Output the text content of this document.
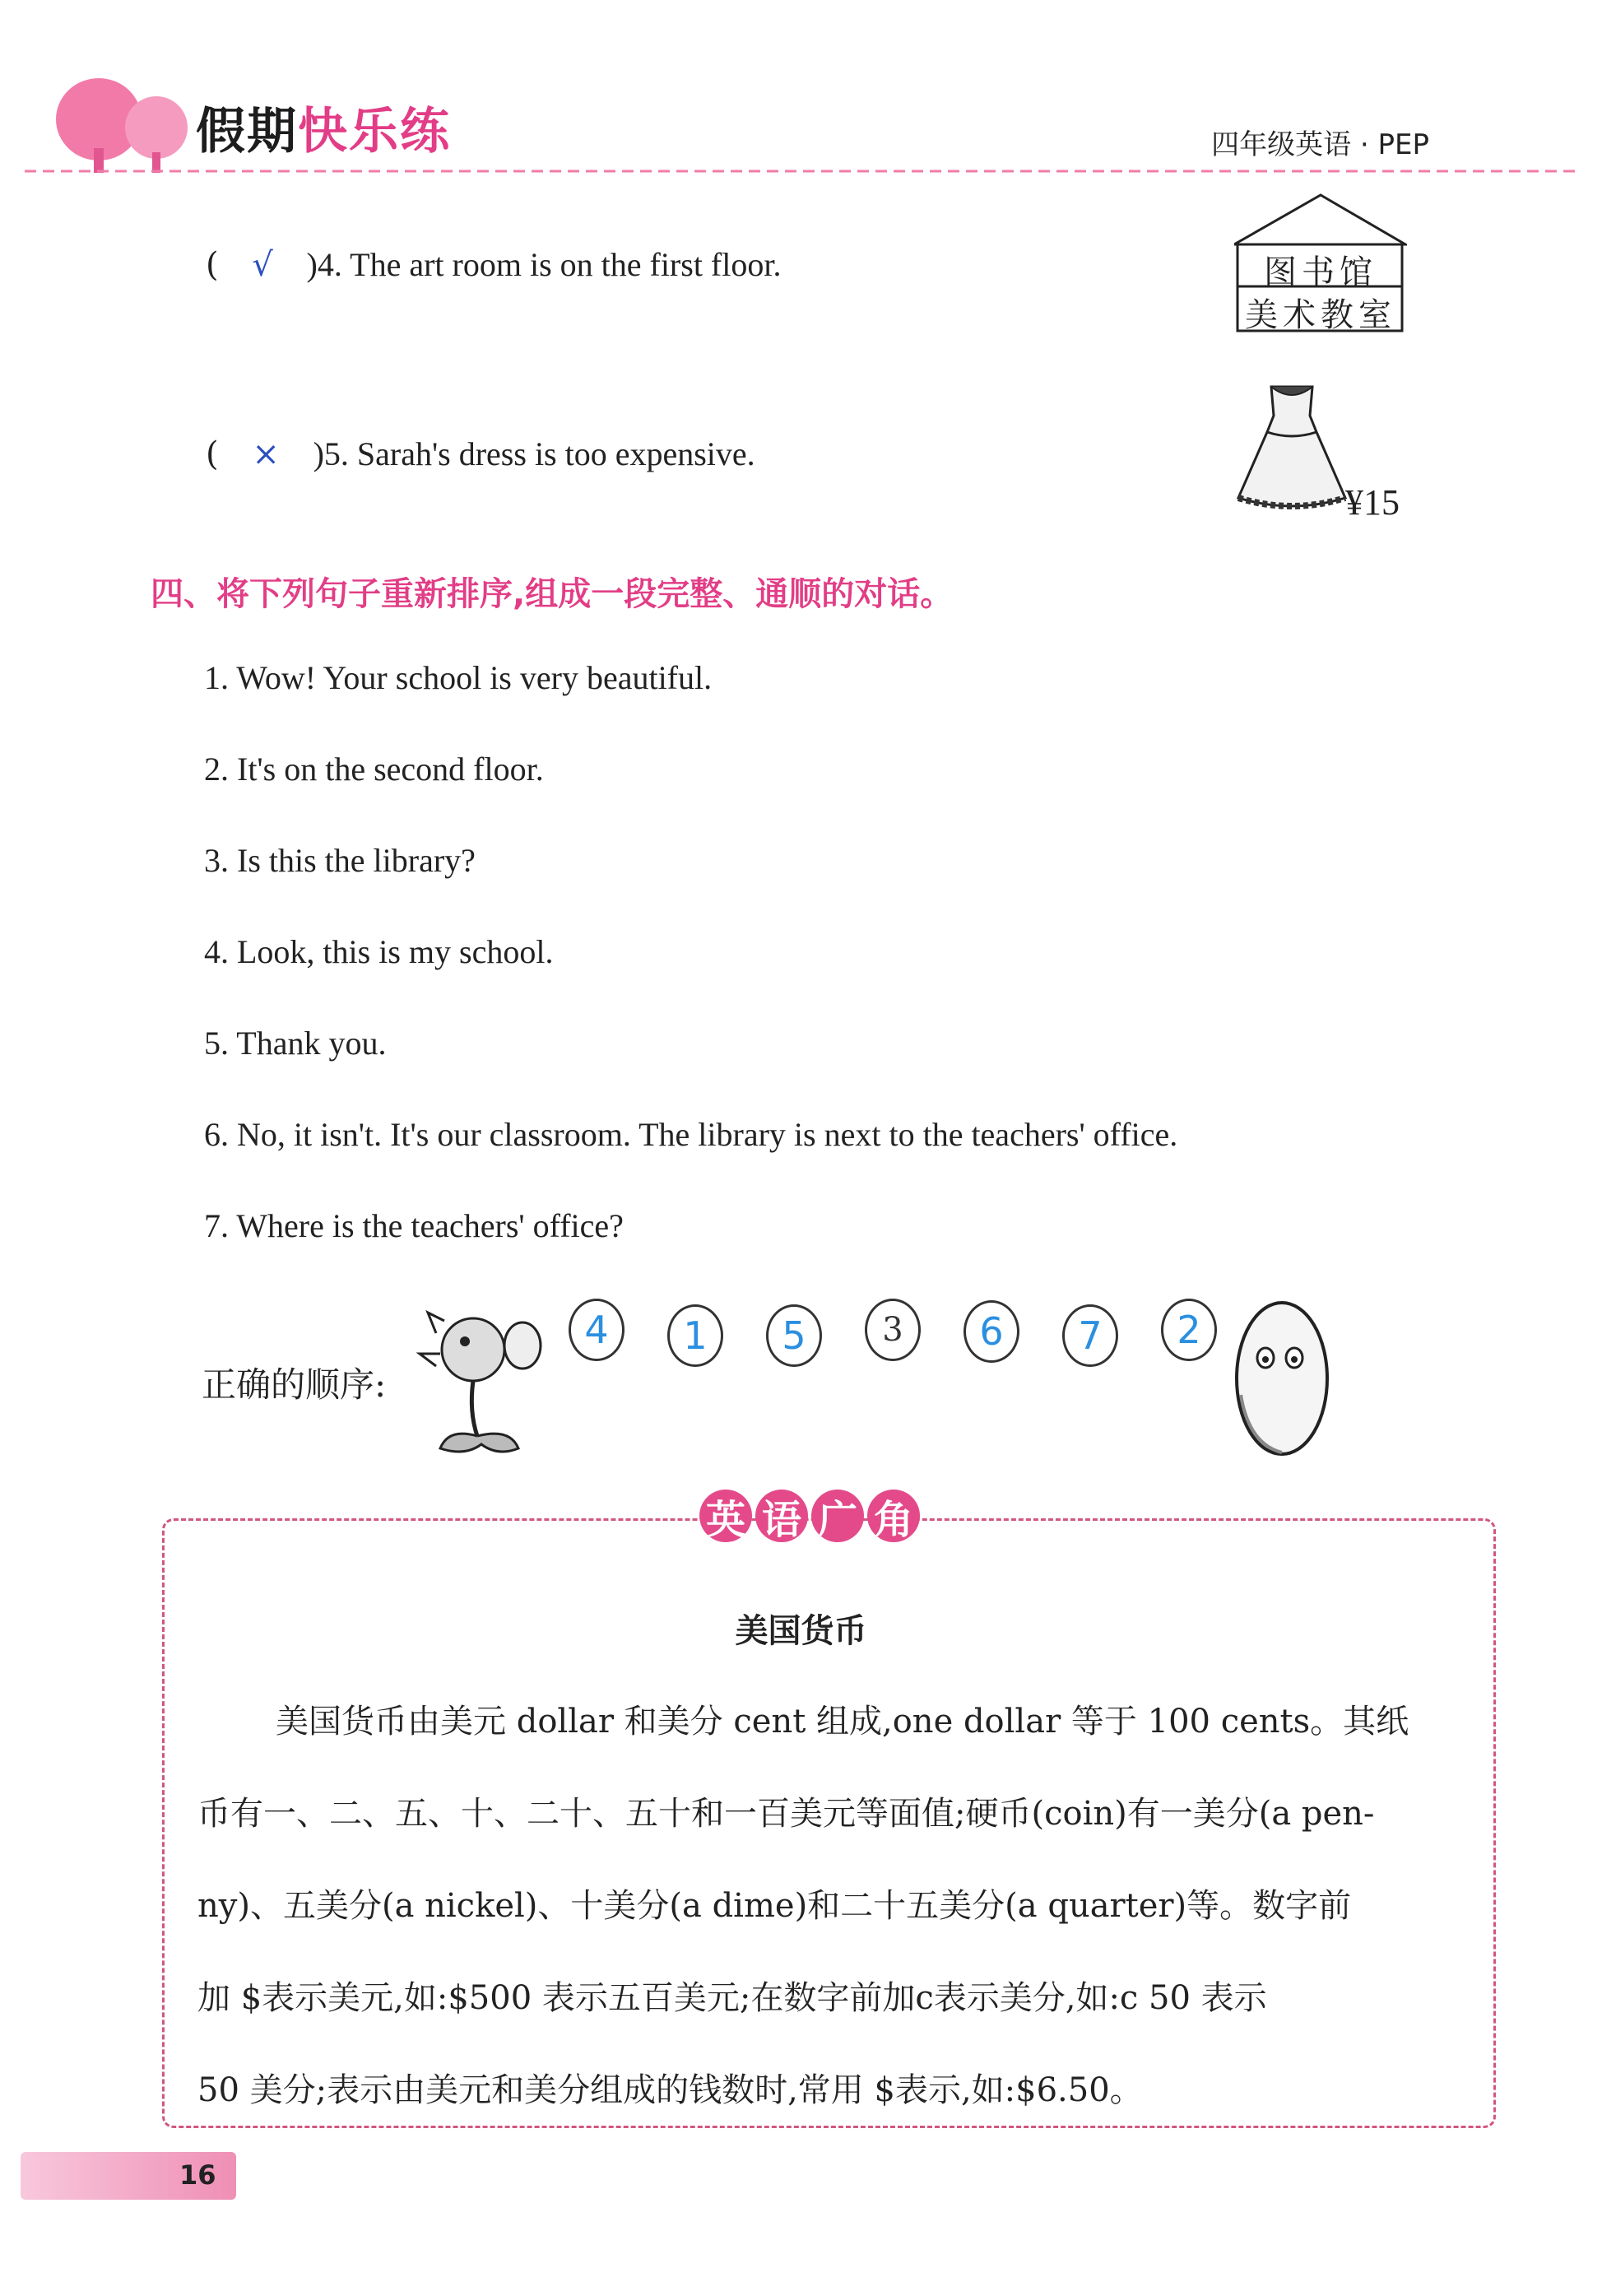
假期快乐练	四年级英语 · PEP
( √ )4. The art room is on the first floor.
( × )5. Sarah's dress is too expensive.
图书馆
美术教室
¥15
四、将下列句子重新排序,组成一段完整、通顺的对话。
1. Wow! Your school is very beautiful.
2. It's on the second floor.
3. Is this the library?
4. Look, this is my school.
5. Thank you.
6. No, it isn't. It's our classroom. The library is next to the teachers' office.
7. Where is the teachers' office?
正确的顺序:
4	1	5	3	6	7	2
英 语 广 角
美国货币
美国货币由美元 dollar 和美分 cent 组成,one dollar 等于 100 cents。其纸
币有一、二、五、十、二十、五十和一百美元等面值;硬币(coin)有一美分(a pen-
ny)、五美分(a nickel)、十美分(a dime)和二十五美分(a quarter)等。数字前
加 $表示美元,如:$500 表示五百美元;在数字前加c表示美分,如:c 50 表示
50 美分;表示由美元和美分组成的钱数时,常用 $表示,如:$6.50。
16
